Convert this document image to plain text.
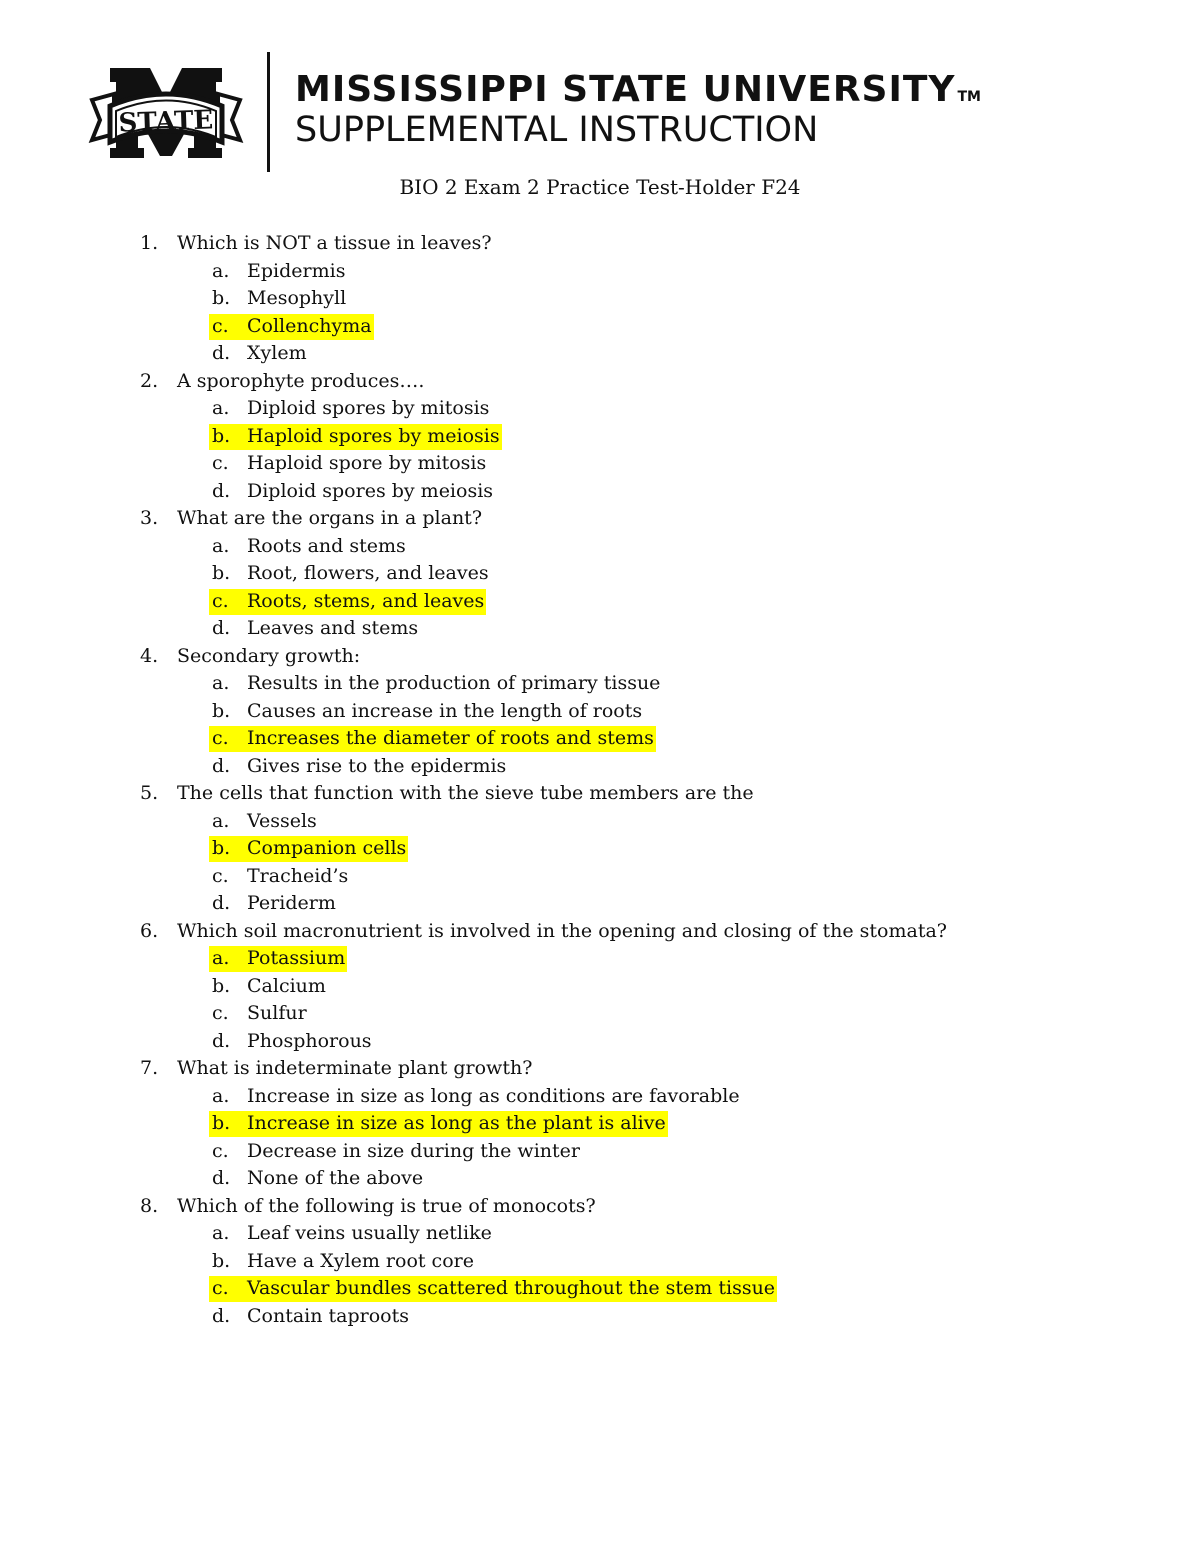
STATE
MISSISSIPPI STATE UNIVERSITY TM
SUPPLEMENTAL INSTRUCTION
BIO 2 Exam 2 Practice Test-Holder F24
1. Which is NOT a tissue in leaves?
a. Epidermis
b. Mesophyll
c. Collenchyma
d. Xylem
2. A sporophyte produces….
a. Diploid spores by mitosis
b. Haploid spores by meiosis
c. Haploid spore by mitosis
d. Diploid spores by meiosis
3. What are the organs in a plant?
a. Roots and stems
b. Root, flowers, and leaves
c. Roots, stems, and leaves
d. Leaves and stems
4. Secondary growth:
a. Results in the production of primary tissue
b. Causes an increase in the length of roots
c. Increases the diameter of roots and stems
d. Gives rise to the epidermis
5. The cells that function with the sieve tube members are the
a. Vessels
b. Companion cells
c. Tracheid’s
d. Periderm
6. Which soil macronutrient is involved in the opening and closing of the stomata?
a. Potassium
b. Calcium
c. Sulfur
d. Phosphorous
7. What is indeterminate plant growth?
a. Increase in size as long as conditions are favorable
b. Increase in size as long as the plant is alive
c. Decrease in size during the winter
d. None of the above
8. Which of the following is true of monocots?
a. Leaf veins usually netlike
b. Have a Xylem root core
c. Vascular bundles scattered throughout the stem tissue
d. Contain taproots
